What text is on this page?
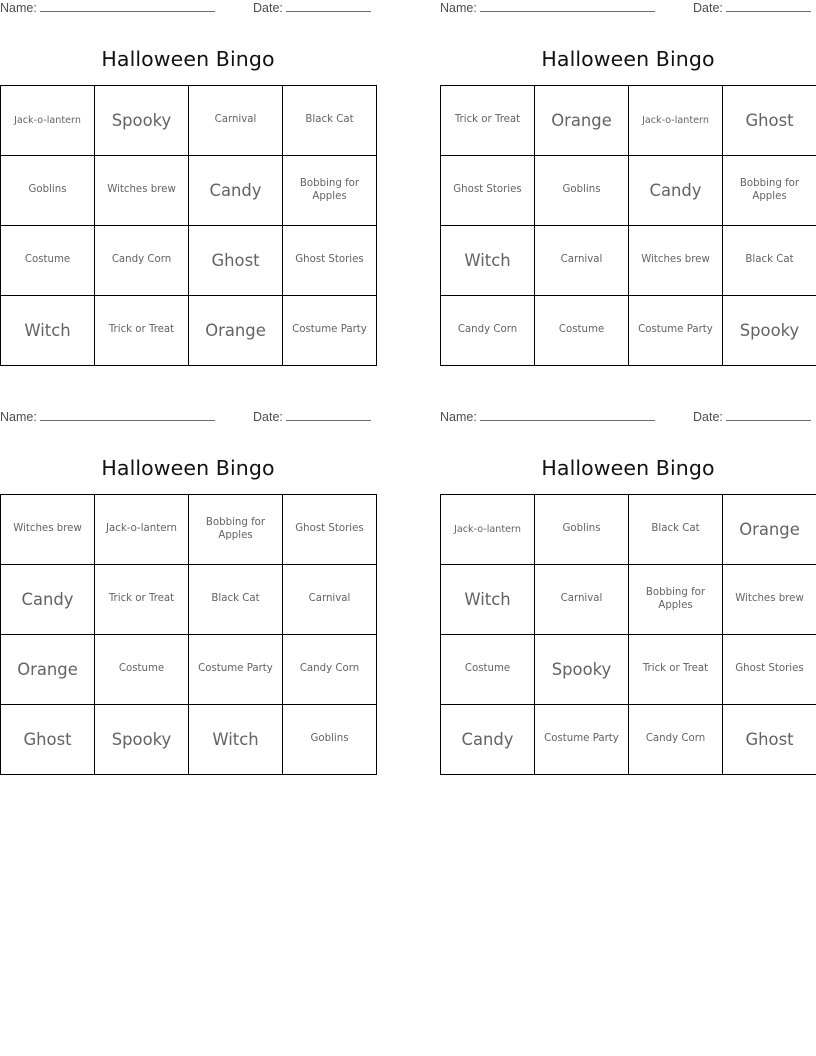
Name:	Date:
Halloween Bingo
Jack-o-lantern	Spooky	Carnival	Black Cat
Goblins	Witches brew	Candy	Bobbing for Apples
Costume	Candy Corn	Ghost	Ghost Stories
Witch	Trick or Treat	Orange	Costume Party
Name:	Date:
Halloween Bingo
Trick or Treat	Orange	Jack-o-lantern	Ghost
Ghost Stories	Goblins	Candy	Bobbing for Apples
Witch	Carnival	Witches brew	Black Cat
Candy Corn	Costume	Costume Party	Spooky
Name:	Date:
Halloween Bingo
Witches brew	Jack-o-lantern	Bobbing for Apples	Ghost Stories
Candy	Trick or Treat	Black Cat	Carnival
Orange	Costume	Costume Party	Candy Corn
Ghost	Spooky	Witch	Goblins
Name:	Date:
Halloween Bingo
Jack-o-lantern	Goblins	Black Cat	Orange
Witch	Carnival	Bobbing for Apples	Witches brew
Costume	Spooky	Trick or Treat	Ghost Stories
Candy	Costume Party	Candy Corn	Ghost
